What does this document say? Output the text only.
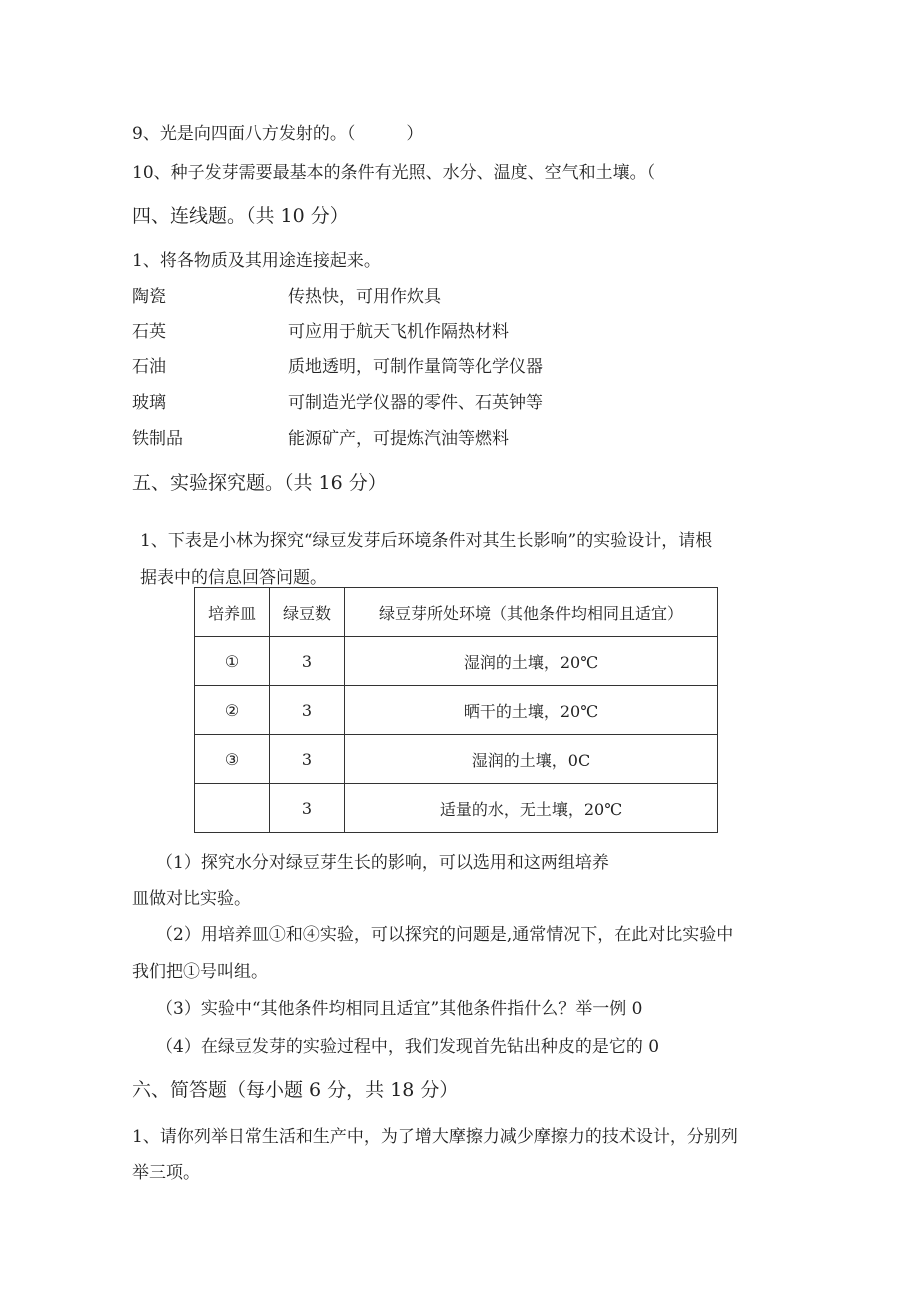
9、光是向四面八方发射的。（　　　）
10、种子发芽需要最基本的条件有光照、水分、温度、空气和土壤。（
四、连线题。（共 10 分）
1、将各物质及其用途连接起来。
陶瓷	传热快，可用作炊具
石英	可应用于航天飞机作隔热材料
石油	质地透明，可制作量筒等化学仪器
玻璃	可制造光学仪器的零件、石英钟等
铁制品	能源矿产，可提炼汽油等燃料
五、实验探究题。（共 16 分）
1、下表是小林为探究“绿豆发芽后环境条件对其生长影响”的实验设计，请根
据表中的信息回答问题。
培养皿	绿豆数	绿豆芽所处环境（其他条件均相同且适宜）
①	3	湿润的土壤，20℃
②	3	晒干的土壤，20℃
③	3	湿润的土壤，0C
	3	适量的水，无土壤，20℃
（1）探究水分对绿豆芽生长的影响，可以选用和这两组培养
皿做对比实验。
（2）用培养皿①和④实验，可以探究的问题是,通常情况下，在此对比实验中
我们把①号叫组。
（3）实验中“其他条件均相同且适宜”其他条件指什么？举一例 0
（4）在绿豆发芽的实验过程中，我们发现首先钻出种皮的是它的 0
六、简答题（每小题 6 分，共 18 分）
1、请你列举日常生活和生产中，为了增大摩擦力减少摩擦力的技术设计，分别列
举三项。
